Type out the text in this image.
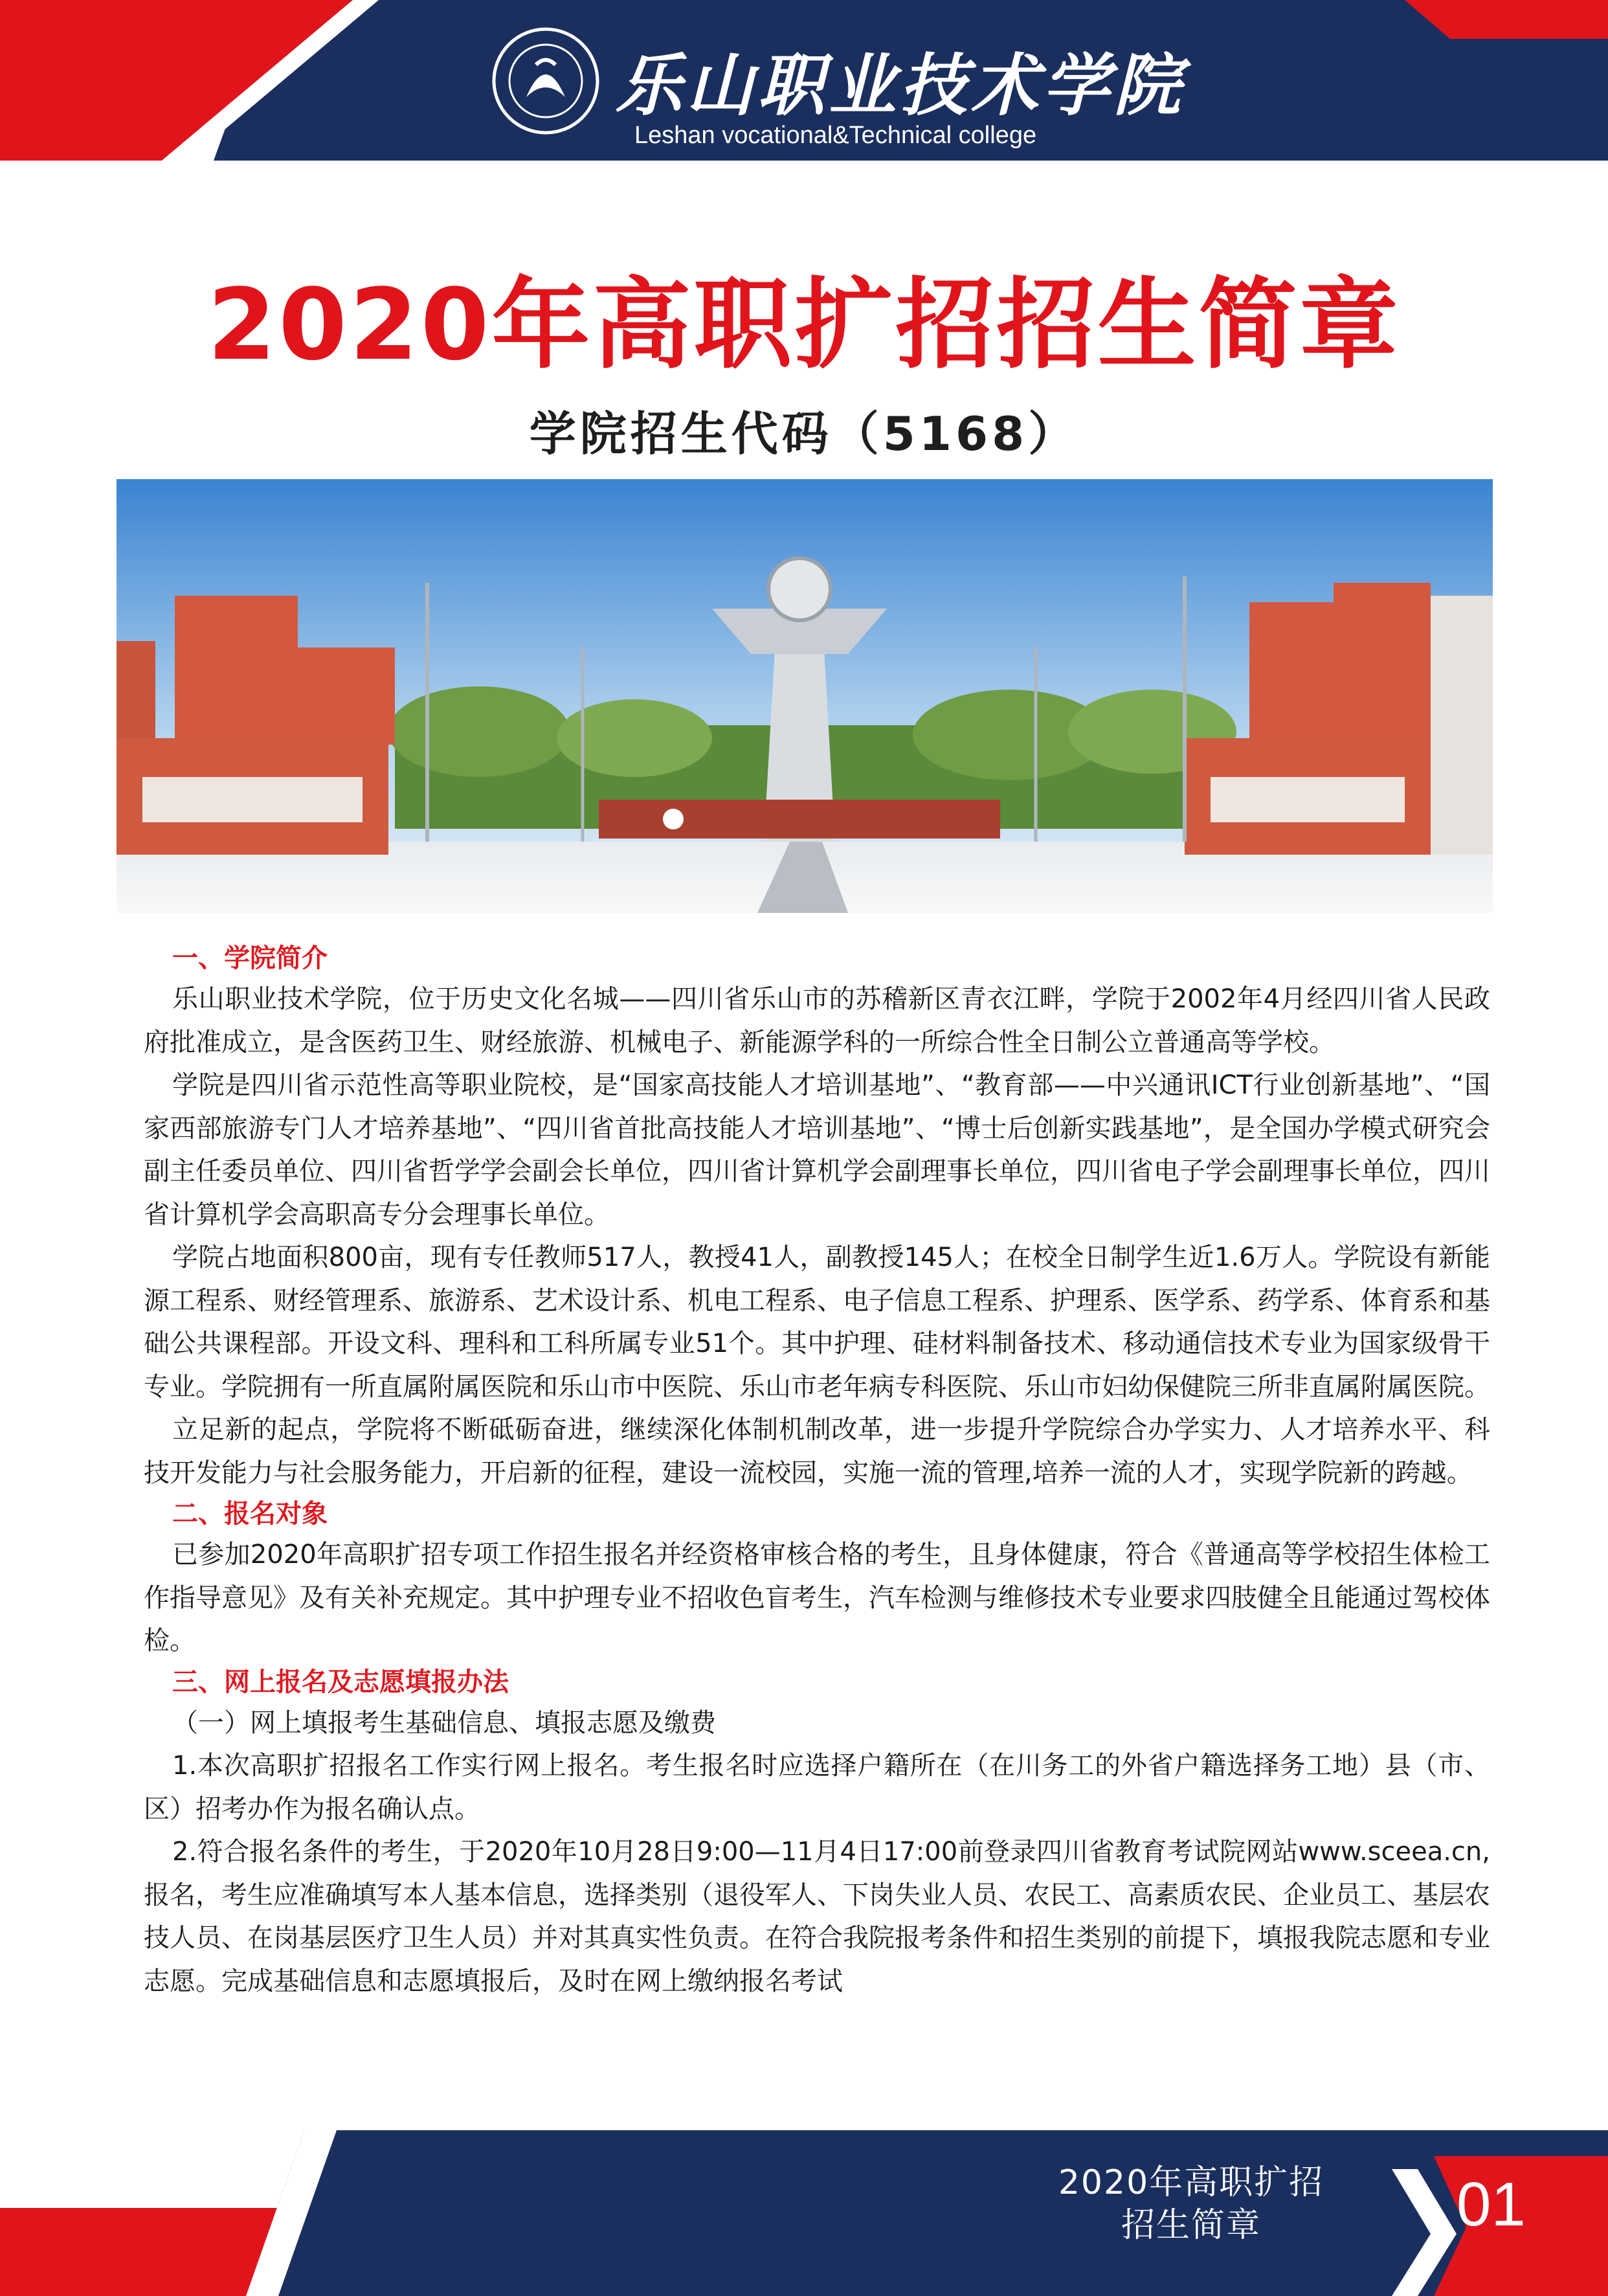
乐山职业技术学院
Leshan vocational&Technical college
2020年高职扩招招生简章
学院招生代码（5168）
一、学院简介

乐山职业技术学院，位于历史文化名城——四川省乐山市的苏稽新区青衣江畔，学院于2002年4月经四川省人民政府批准成立，是含医药卫生、财经旅游、机械电子、新能源学科的一所综合性全日制公立普通高等学校。

学院是四川省示范性高等职业院校，是“国家高技能人才培训基地”、“教育部——中兴通讯ICT行业创新基地”、“国家西部旅游专门人才培养基地”、“四川省首批高技能人才培训基地”、“博士后创新实践基地”，是全国办学模式研究会副主任委员单位、四川省哲学学会副会长单位，四川省计算机学会副理事长单位，四川省电子学会副理事长单位，四川省计算机学会高职高专分会理事长单位。

学院占地面积800亩，现有专任教师517人，教授41人，副教授145人；在校全日制学生近1.6万人。学院设有新能源工程系、财经管理系、旅游系、艺术设计系、机电工程系、电子信息工程系、护理系、医学系、药学系、体育系和基础公共课程部。开设文科、理科和工科所属专业51个。其中护理、硅材料制备技术、移动通信技术专业为国家级骨干专业。学院拥有一所直属附属医院和乐山市中医院、乐山市老年病专科医院、乐山市妇幼保健院三所非直属附属医院。

立足新的起点，学院将不断砥砺奋进，继续深化体制机制改革，进一步提升学院综合办学实力、人才培养水平、科技开发能力与社会服务能力，开启新的征程，建设一流校园，实施一流的管理,培养一流的人才，实现学院新的跨越。

二、报名对象

已参加2020年高职扩招专项工作招生报名并经资格审核合格的考生，且身体健康，符合《普通高等学校招生体检工作指导意见》及有关补充规定。其中护理专业不招收色盲考生，汽车检测与维修技术专业要求四肢健全且能通过驾校体检。

三、网上报名及志愿填报办法

（一）网上填报考生基础信息、填报志愿及缴费

1.本次高职扩招报名工作实行网上报名。考生报名时应选择户籍所在（在川务工的外省户籍选择务工地）县（市、区）招考办作为报名确认点。

2.符合报名条件的考生，于2020年10月28日9:00—11月4日17:00前登录四川省教育考试院网站www.sceea.cn,报名，考生应准确填写本人基本信息，选择类别（退役军人、下岗失业人员、农民工、高素质农民、企业员工、基层农技人员、在岗基层医疗卫生人员）并对其真实性负责。在符合我院报考条件和招生类别的前提下，填报我院志愿和专业志愿。完成基础信息和志愿填报后，及时在网上缴纳报名考试

2020年高职扩招
招生简章	01
